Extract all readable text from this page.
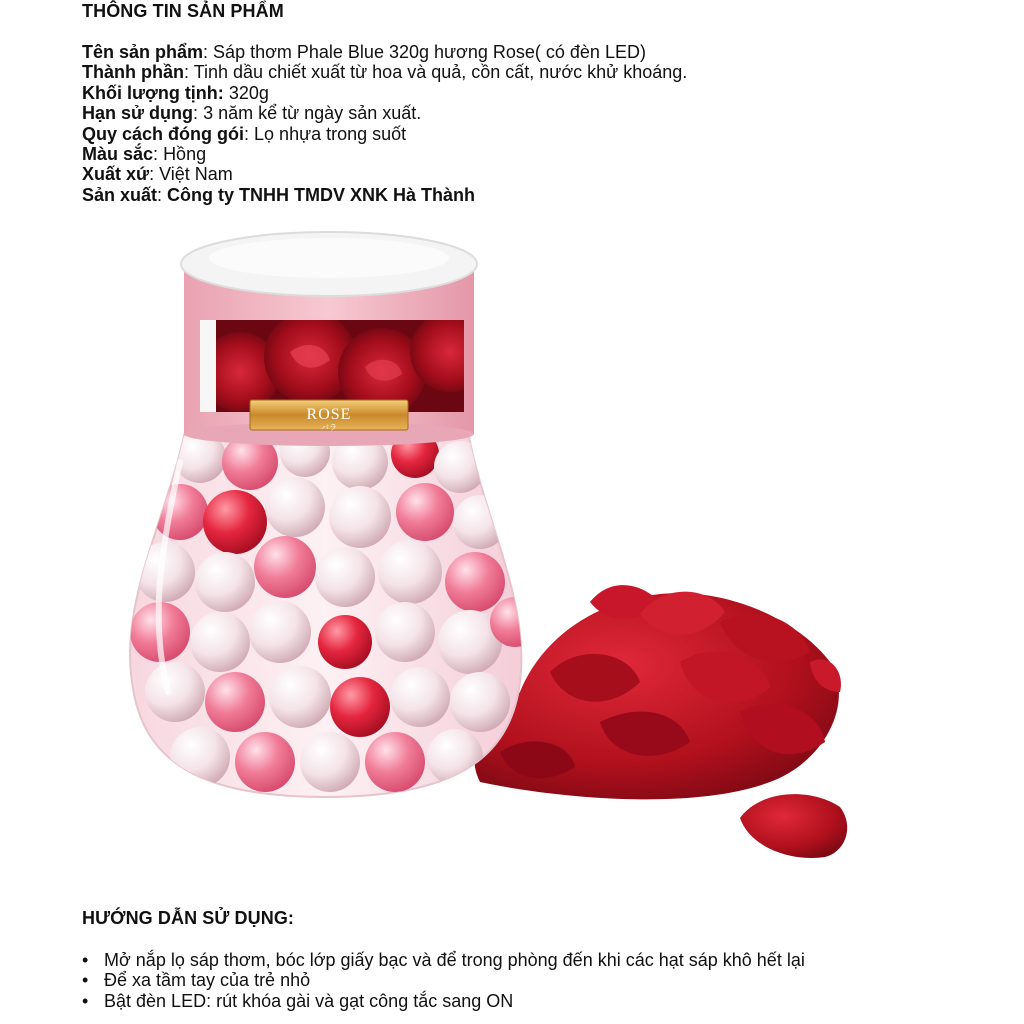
THÔNG TIN SẢN PHẨM
Tên sản phẩm: Sáp thơm Phale Blue 320g hương Rose( có đèn LED)
Thành phần: Tinh dầu chiết xuất từ hoa và quả, cồn cất, nước khử khoáng.
Khối lượng tịnh: 320g
Hạn sử dụng: 3 năm kể từ ngày sản xuất.
Quy cách đóng gói: Lọ nhựa trong suốt
Màu sắc: Hồng
Xuất xứ: Việt Nam
Sản xuất: Công ty TNHH TMDV XNK Hà Thành
ROSE
バラ
HƯỚNG DẪN SỬ DỤNG:
• Mở nắp lọ sáp thơm, bóc lớp giấy bạc và để trong phòng đến khi các hạt sáp khô hết lại
• Để xa tầm tay của trẻ nhỏ
• Bật đèn LED: rút khóa gài và gạt công tắc sang ON
